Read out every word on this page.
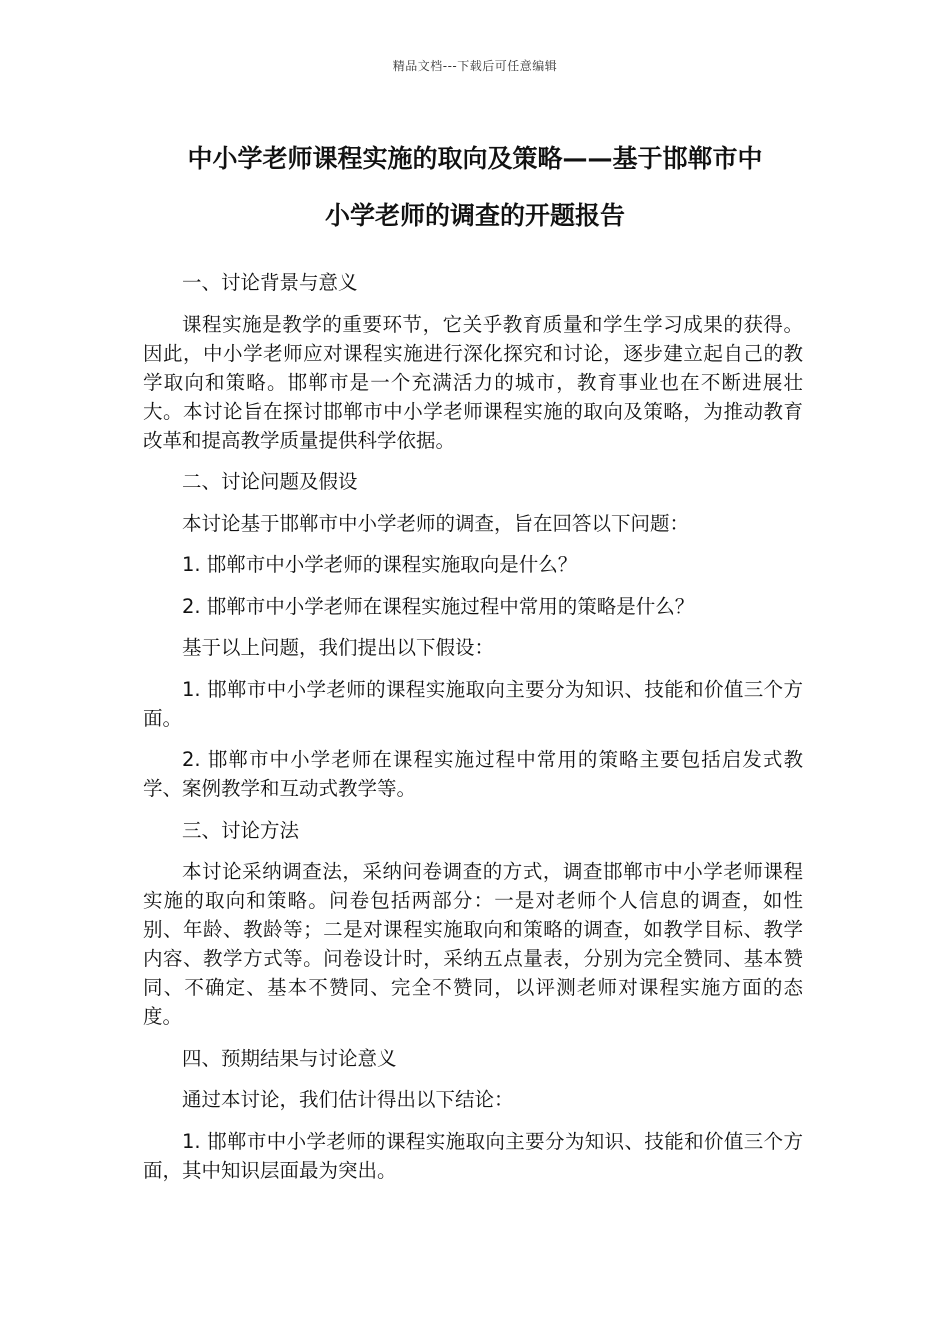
精品文档---下载后可任意编辑
中小学老师课程实施的取向及策略——基于邯郸市中
小学老师的调查的开题报告

一、讨论背景与意义

课程实施是教学的重要环节，它关乎教育质量和学生学习成果的获得。因此，中小学老师应对课程实施进行深化探究和讨论，逐步建立起自己的教学取向和策略。邯郸市是一个充满活力的城市，教育事业也在不断进展壮大。本讨论旨在探讨邯郸市中小学老师课程实施的取向及策略，为推动教育改革和提高教学质量提供科学依据。

二、讨论问题及假设

本讨论基于邯郸市中小学老师的调查，旨在回答以下问题：

1. 邯郸市中小学老师的课程实施取向是什么？

2. 邯郸市中小学老师在课程实施过程中常用的策略是什么？

基于以上问题，我们提出以下假设：

1. 邯郸市中小学老师的课程实施取向主要分为知识、技能和价值三个方面。

2. 邯郸市中小学老师在课程实施过程中常用的策略主要包括启发式教学、案例教学和互动式教学等。

三、讨论方法

本讨论采纳调查法，采纳问卷调查的方式，调查邯郸市中小学老师课程实施的取向和策略。问卷包括两部分：一是对老师个人信息的调查，如性别、年龄、教龄等；二是对课程实施取向和策略的调查，如教学目标、教学内容、教学方式等。问卷设计时，采纳五点量表，分别为完全赞同、基本赞同、不确定、基本不赞同、完全不赞同，以评测老师对课程实施方面的态度。

四、预期结果与讨论意义

通过本讨论，我们估计得出以下结论：

1. 邯郸市中小学老师的课程实施取向主要分为知识、技能和价值三个方面，其中知识层面最为突出。
